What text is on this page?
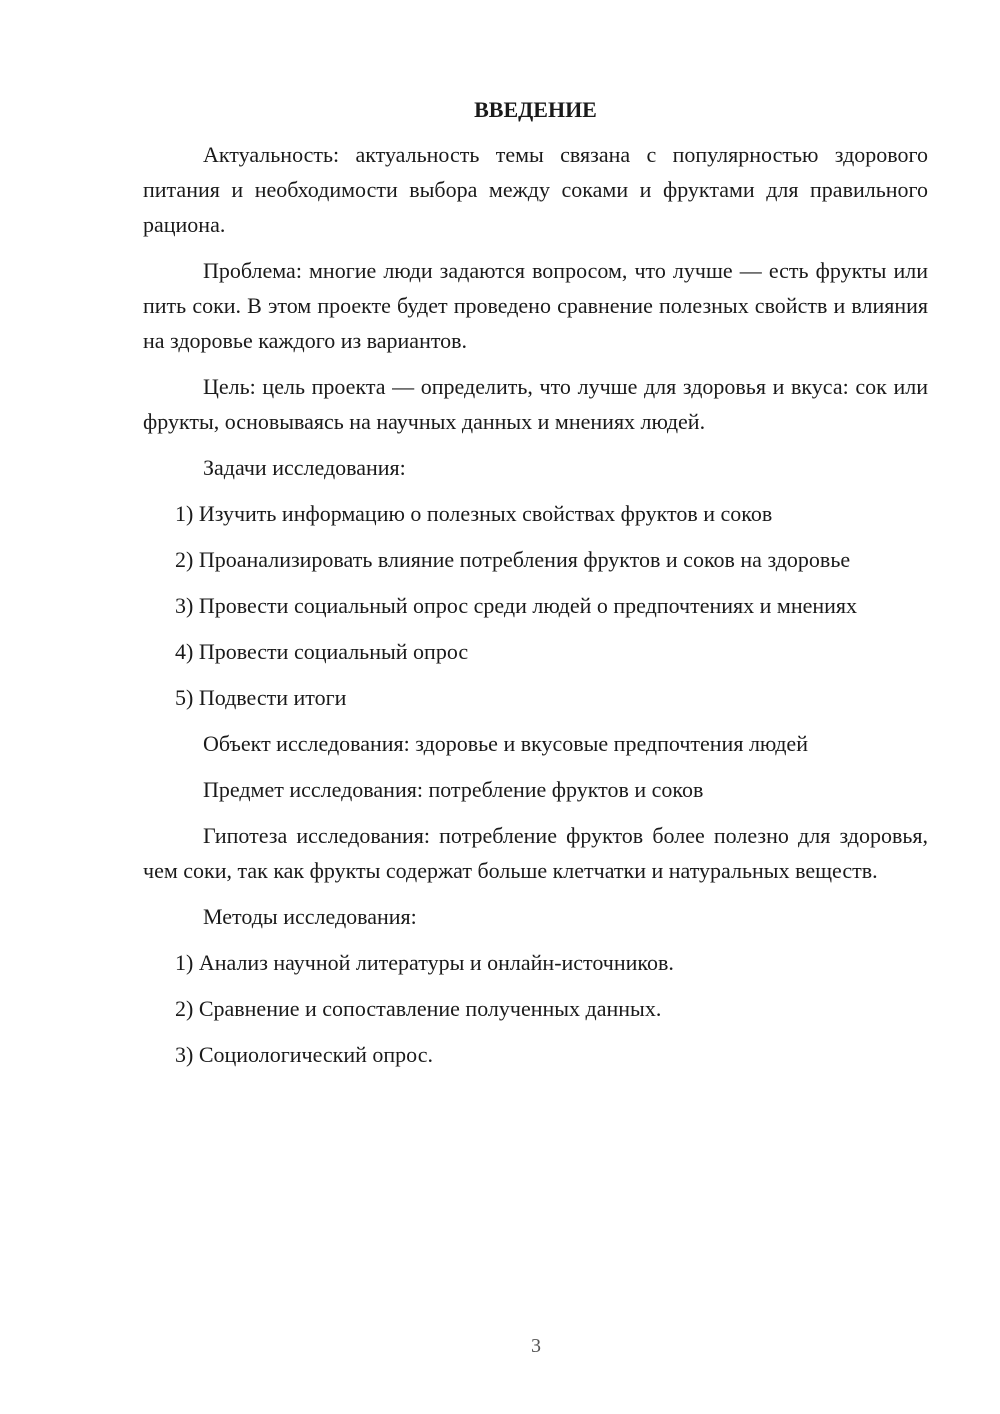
ВВЕДЕНИЕ

Актуальность: актуальность темы связана с популярностью здорового питания и необходимости выбора между соками и фруктами для правильного рациона.

Проблема: многие люди задаются вопросом, что лучше — есть фрукты или пить соки. В этом проекте будет проведено сравнение полезных свойств и влияния на здоровье каждого из вариантов.

Цель: цель проекта — определить, что лучше для здоровья и вкуса: сок или фрукты, основываясь на научных данных и мнениях людей.

Задачи исследования:

1) Изучить информацию о полезных свойствах фруктов и соков

2) Проанализировать влияние потребления фруктов и соков на здоровье

3) Провести социальный опрос среди людей о предпочтениях и мнениях

4) Провести социальный опрос

5) Подвести итоги

Объект исследования: здоровье и вкусовые предпочтения людей

Предмет исследования: потребление фруктов и соков

Гипотеза исследования: потребление фруктов более полезно для здоровья, чем соки, так как фрукты содержат больше клетчатки и натуральных веществ.

Методы исследования:

1) Анализ научной литературы и онлайн-источников.

2) Сравнение и сопоставление полученных данных.

3) Социологический опрос.

3
